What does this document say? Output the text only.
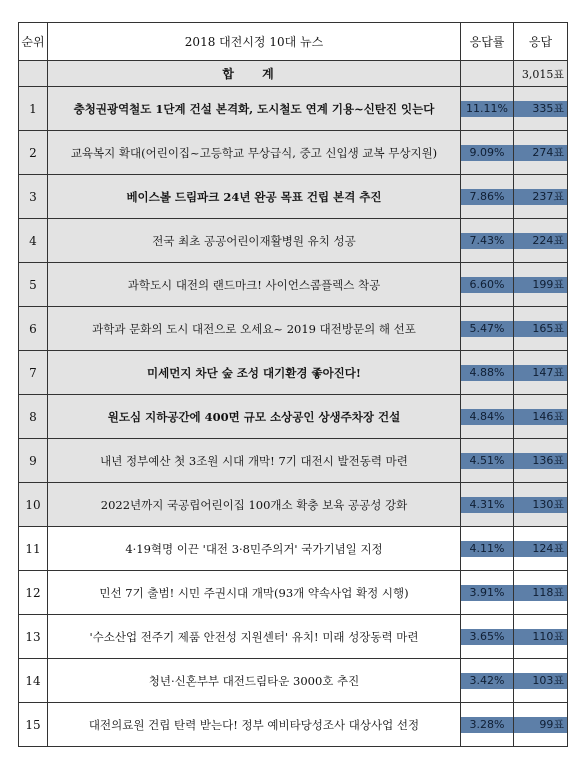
순위	2018 대전시정 10대 뉴스	응답률	응답
	합 계		3,015표
1	충청권광역철도 1단계 건설 본격화, 도시철도 연계 기용~신탄진 잇는다	11.11%	335표

2	교육복지 확대(어린이집~고등학교 무상급식, 중고 신입생 교복 무상지원)	9.09%	274표

3	베이스볼 드림파크 24년 완공 목표 건립 본격 추진	7.86%	237표

4	전국 최초 공공어린이재활병원 유치 성공	7.43%	224표

5	과학도시 대전의 랜드마크! 사이언스콤플렉스 착공	6.60%	199표

6	과학과 문화의 도시 대전으로 오세요~ 2019 대전방문의 해 선포	5.47%	165표

7	미세먼지 차단 숲 조성 대기환경 좋아진다!	4.88%	147표

8	원도심 지하공간에 400면 규모 소상공인 상생주차장 건설	4.84%	146표

9	내년 정부예산 첫 3조원 시대 개막! 7기 대전시 발전동력 마련	4.51%	136표

10	2022년까지 국공립어린이집 100개소 확충 보육 공공성 강화	4.31%	130표

11	4·19혁명 이끈 '대전 3·8민주의거' 국가기념일 지정	4.11%	124표

12	민선 7기 출범! 시민 주권시대 개막(93개 약속사업 확정 시행)	3.91%	118표

13	'수소산업 전주기 제품 안전성 지원센터' 유치! 미래 성장동력 마련	3.65%	110표

14	청년·신혼부부 대전드림타운 3000호 추진	3.42%	103표

15	대전의료원 건립 탄력 받는다! 정부 예비타당성조사 대상사업 선정	3.28%	99표
